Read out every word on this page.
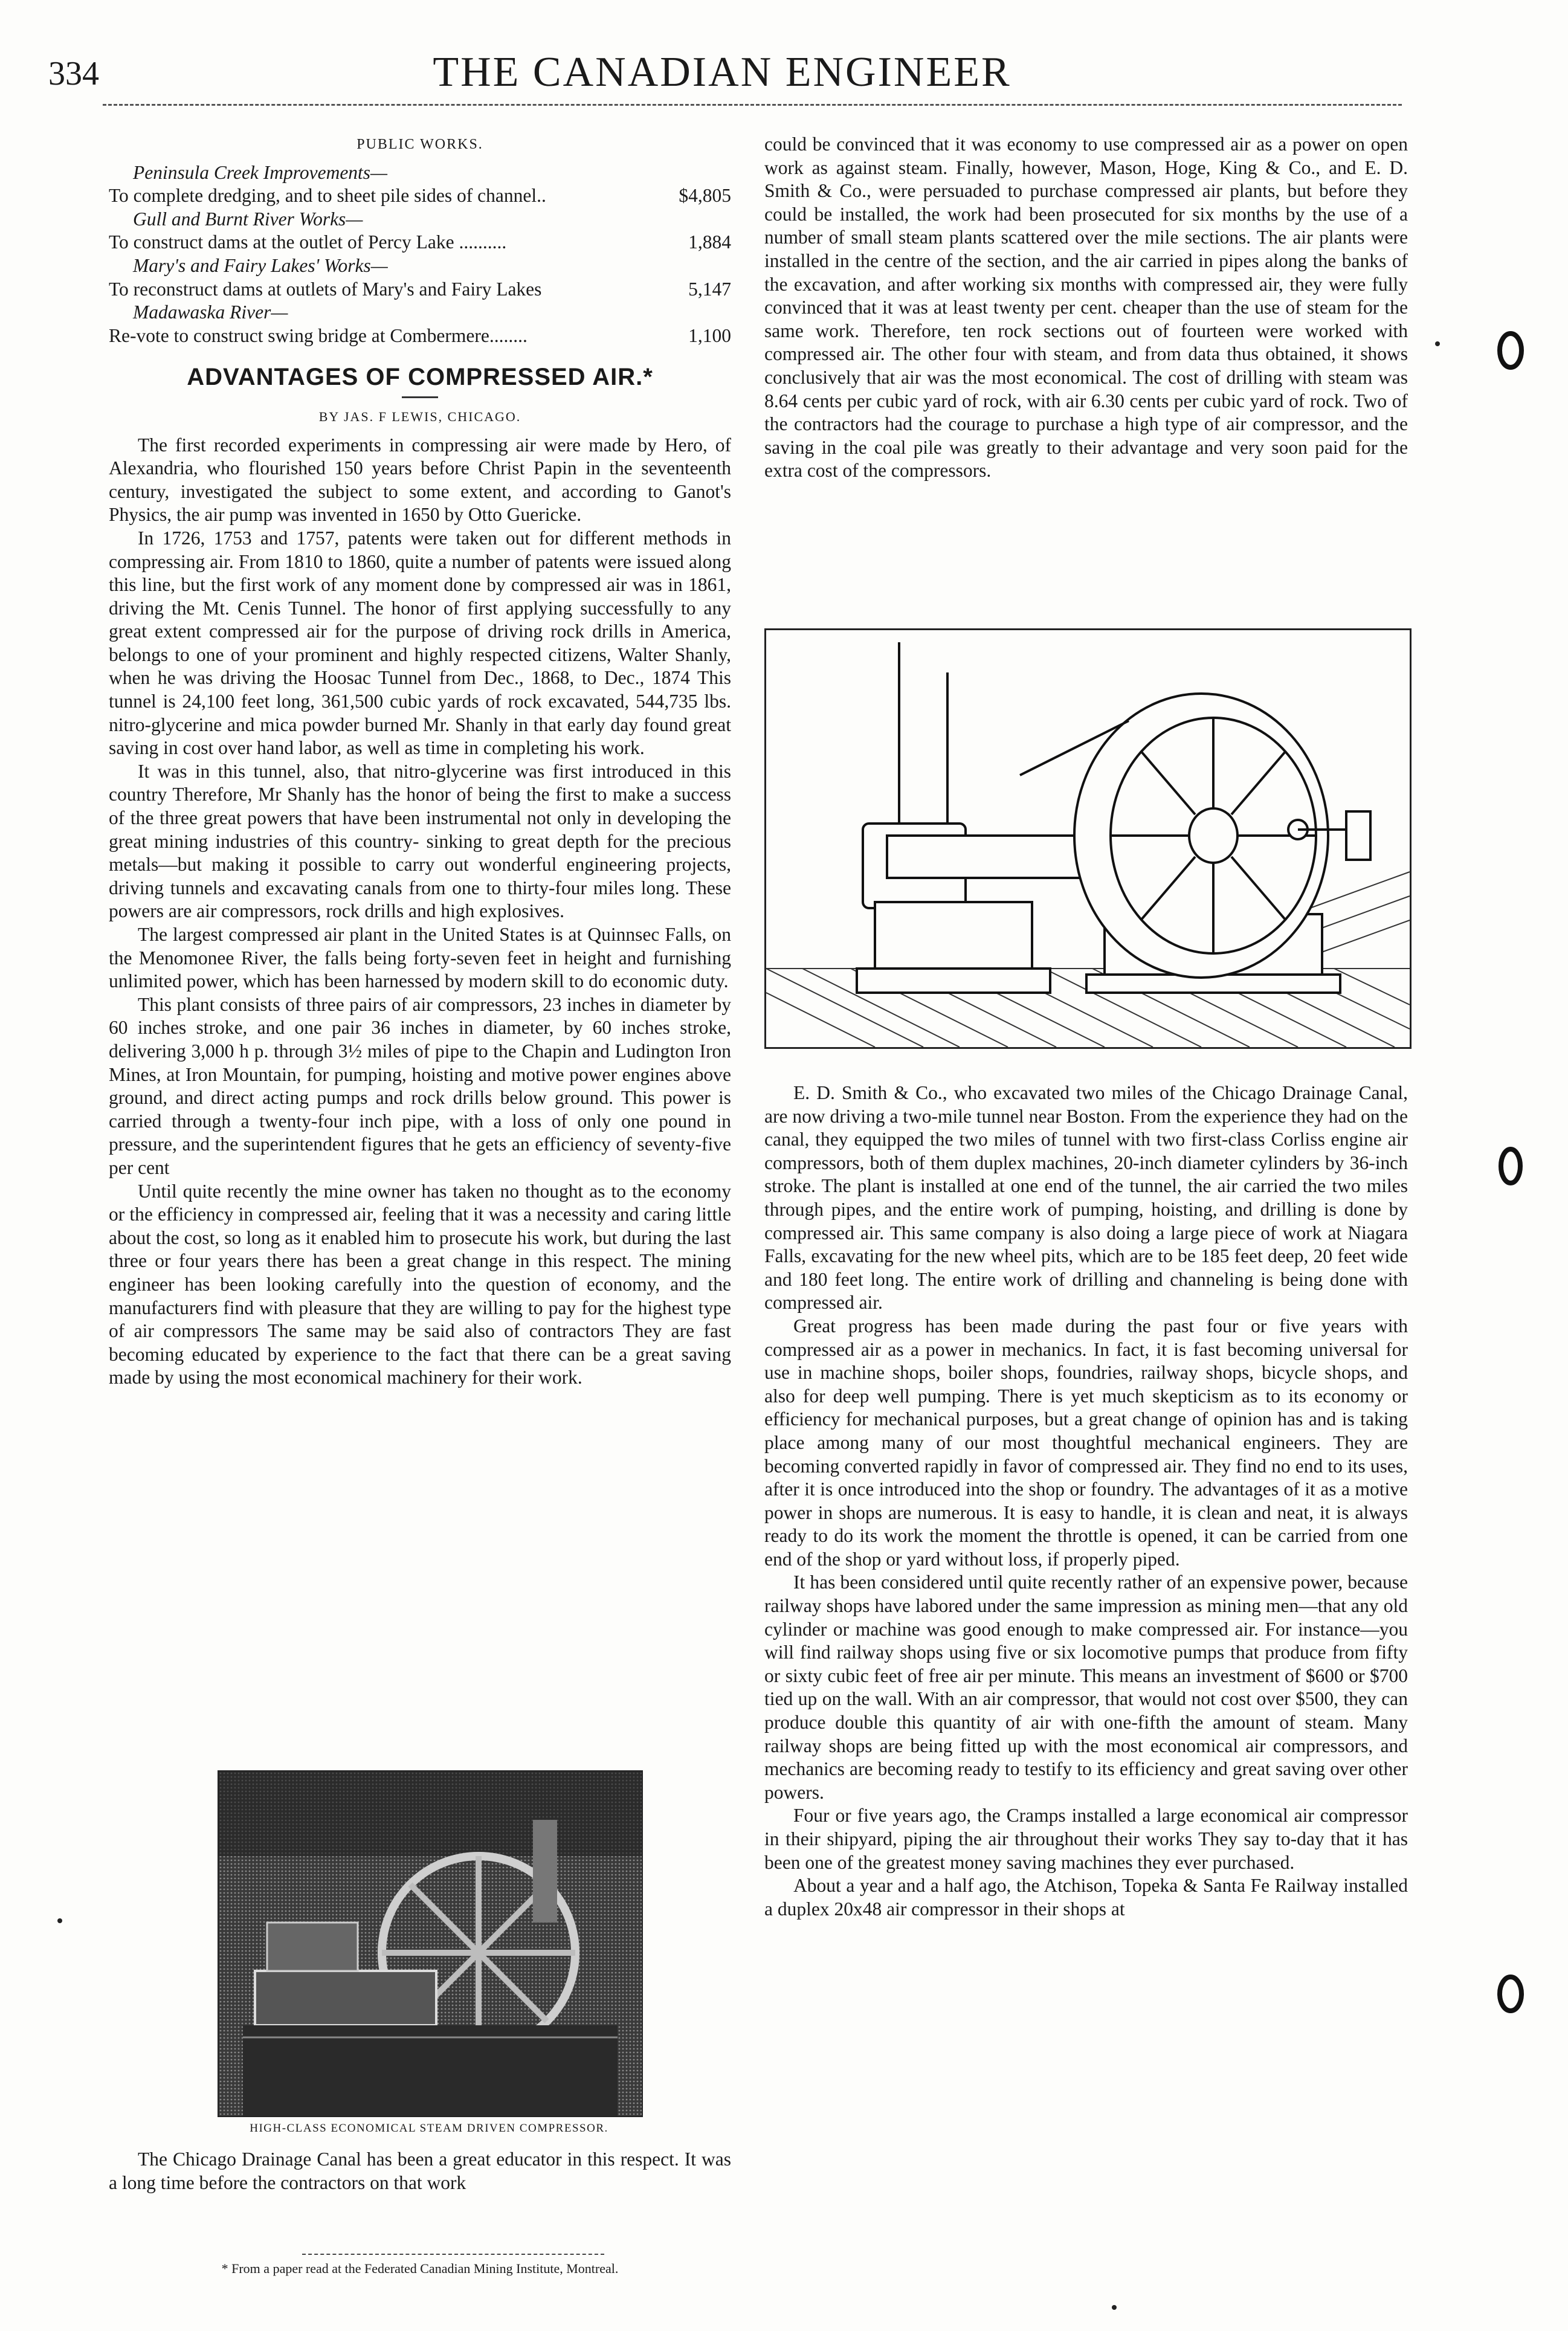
334	THE CANADIAN ENGINEER
PUBLIC WORKS.
Peninsula Creek Improvements—
To complete dredging, and to sheet pile sides of channel..	$4,805
Gull and Burnt River Works—
To construct dams at the outlet of Percy Lake ..........	1,884
Mary's and Fairy Lakes' Works—
To reconstruct dams at outlets of Mary's and Fairy Lakes	5,147
Madawaska River—
Re-vote to construct swing bridge at Combermere........	1,100
ADVANTAGES OF COMPRESSED AIR.*
BY JAS. F LEWIS, CHICAGO.

The first recorded experiments in compressing air were made by Hero, of Alexandria, who flourished 150 years before Christ Papin in the seventeenth century, investigated the subject to some extent, and according to Ganot's Physics, the air pump was invented in 1650 by Otto Guericke.

In 1726, 1753 and 1757, patents were taken out for different methods in compressing air. From 1810 to 1860, quite a number of patents were issued along this line, but the first work of any moment done by compressed air was in 1861, driving the Mt. Cenis Tunnel. The honor of first applying successfully to any great extent compressed air for the purpose of driving rock drills in America, belongs to one of your prominent and highly respected citizens, Walter Shanly, when he was driving the Hoosac Tunnel from Dec., 1868, to Dec., 1874 This tunnel is 24,100 feet long, 361,500 cubic yards of rock excavated, 544,735 lbs. nitro-glycerine and mica powder burned Mr. Shanly in that early day found great saving in cost over hand labor, as well as time in completing his work.

It was in this tunnel, also, that nitro-glycerine was first introduced in this country Therefore, Mr Shanly has the honor of being the first to make a success of the three great powers that have been instrumental not only in developing the great mining industries of this country- sinking to great depth for the precious metals—but making it possible to carry out wonderful engineering projects, driving tunnels and excavating canals from one to thirty-four miles long. These powers are air compressors, rock drills and high explosives.

The largest compressed air plant in the United States is at Quinnsec Falls, on the Menomonee River, the falls being forty-seven feet in height and furnishing unlimited power, which has been harnessed by modern skill to do economic duty.

This plant consists of three pairs of air compressors, 23 inches in diameter by 60 inches stroke, and one pair 36 inches in diameter, by 60 inches stroke, delivering 3,000 h p. through 3½ miles of pipe to the Chapin and Ludington Iron Mines, at Iron Mountain, for pumping, hoisting and motive power engines above ground, and direct acting pumps and rock drills below ground. This power is carried through a twenty-four inch pipe, with a loss of only one pound in pressure, and the superintendent figures that he gets an efficiency of seventy-five per cent

Until quite recently the mine owner has taken no thought as to the economy or the efficiency in compressed air, feeling that it was a necessity and caring little about the cost, so long as it enabled him to prosecute his work, but during the last three or four years there has been a great change in this respect. The mining engineer has been looking carefully into the question of economy, and the manufacturers find with pleasure that they are willing to pay for the highest type of air compressors The same may be said also of contractors They are fast becoming educated by experience to the fact that there can be a great saving made by using the most economical machinery for their work.

HIGH-CLASS ECONOMICAL STEAM DRIVEN COMPRESSOR.

The Chicago Drainage Canal has been a great educator in this respect. It was a long time before the contractors on that work

* From a paper read at the Federated Canadian Mining Institute, Montreal.

could be convinced that it was economy to use compressed air as a power on open work as against steam. Finally, however, Mason, Hoge, King & Co., and E. D. Smith & Co., were persuaded to purchase compressed air plants, but before they could be installed, the work had been prosecuted for six months by the use of a number of small steam plants scattered over the mile sections. The air plants were installed in the centre of the section, and the air carried in pipes along the banks of the excavation, and after working six months with compressed air, they were fully convinced that it was at least twenty per cent. cheaper than the use of steam for the same work. Therefore, ten rock sections out of fourteen were worked with compressed air. The other four with steam, and from data thus obtained, it shows conclusively that air was the most economical. The cost of drilling with steam was 8.64 cents per cubic yard of rock, with air 6.30 cents per cubic yard of rock. Two of the contractors had the courage to purchase a high type of air compressor, and the saving in the coal pile was greatly to their advantage and very soon paid for the extra cost of the compressors.

E. D. Smith & Co., who excavated two miles of the Chicago Drainage Canal, are now driving a two-mile tunnel near Boston. From the experience they had on the canal, they equipped the two miles of tunnel with two first-class Corliss engine air compressors, both of them duplex machines, 20-inch diameter cylinders by 36-inch stroke. The plant is installed at one end of the tunnel, the air carried the two miles through pipes, and the entire work of pumping, hoisting, and drilling is done by compressed air. This same company is also doing a large piece of work at Niagara Falls, excavating for the new wheel pits, which are to be 185 feet deep, 20 feet wide and 180 feet long. The entire work of drilling and channeling is being done with compressed air.

Great progress has been made during the past four or five years with compressed air as a power in mechanics. In fact, it is fast becoming universal for use in machine shops, boiler shops, foundries, railway shops, bicycle shops, and also for deep well pumping. There is yet much skepticism as to its economy or efficiency for mechanical purposes, but a great change of opinion has and is taking place among many of our most thoughtful mechanical engineers. They are becoming converted rapidly in favor of compressed air. They find no end to its uses, after it is once introduced into the shop or foundry. The advantages of it as a motive power in shops are numerous. It is easy to handle, it is clean and neat, it is always ready to do its work the moment the throttle is opened, it can be carried from one end of the shop or yard without loss, if properly piped.

It has been considered until quite recently rather of an expensive power, because railway shops have labored under the same impression as mining men—that any old cylinder or machine was good enough to make compressed air. For instance—you will find railway shops using five or six locomotive pumps that produce from fifty or sixty cubic feet of free air per minute. This means an investment of $600 or $700 tied up on the wall. With an air compressor, that would not cost over $500, they can produce double this quantity of air with one-fifth the amount of steam. Many railway shops are being fitted up with the most economical air compressors, and mechanics are becoming ready to testify to its efficiency and great saving over other powers.

Four or five years ago, the Cramps installed a large economical air compressor in their shipyard, piping the air throughout their works They say to-day that it has been one of the greatest money saving machines they ever purchased.

About a year and a half ago, the Atchison, Topeka & Santa Fe Railway installed a duplex 20x48 air compressor in their shops at
